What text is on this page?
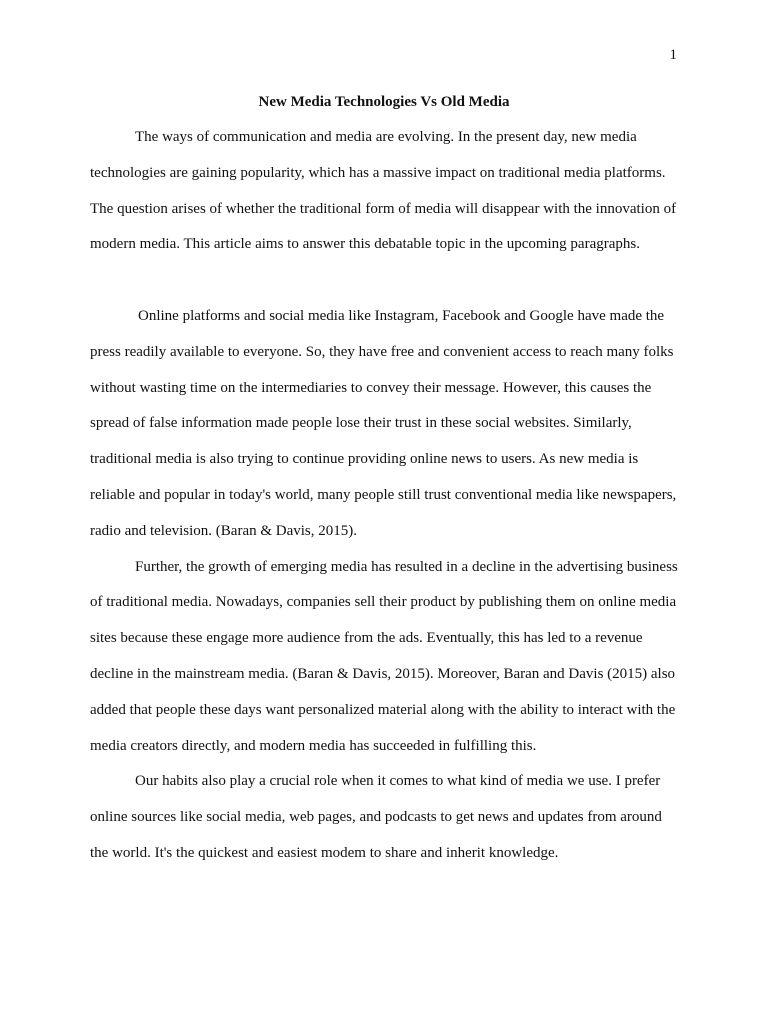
1
New Media Technologies Vs Old Media

The ways of communication and media are evolving. In the present day, new media technologies are gaining popularity, which has a massive impact on traditional media platforms. The question arises of whether the traditional form of media will disappear with the innovation of modern media. This article aims to answer this debatable topic in the upcoming paragraphs.

Online platforms and social media like Instagram, Facebook and Google have made the press readily available to everyone. So, they have free and convenient access to reach many folks without wasting time on the intermediaries to convey their message. However, this causes the spread of false information made people lose their trust in these social websites. Similarly, traditional media is also trying to continue providing online news to users. As new media is reliable and popular in today's world, many people still trust conventional media like newspapers, radio and television. (Baran & Davis, 2015).

Further, the growth of emerging media has resulted in a decline in the advertising business of traditional media. Nowadays, companies sell their product by publishing them on online media sites because these engage more audience from the ads. Eventually, this has led to a revenue decline in the mainstream media. (Baran & Davis, 2015). Moreover, Baran and Davis (2015) also added that people these days want personalized material along with the ability to interact with the media creators directly, and modern media has succeeded in fulfilling this.

Our habits also play a crucial role when it comes to what kind of media we use. I prefer online sources like social media, web pages, and podcasts to get news and updates from around the world. It's the quickest and easiest modem to share and inherit knowledge.
